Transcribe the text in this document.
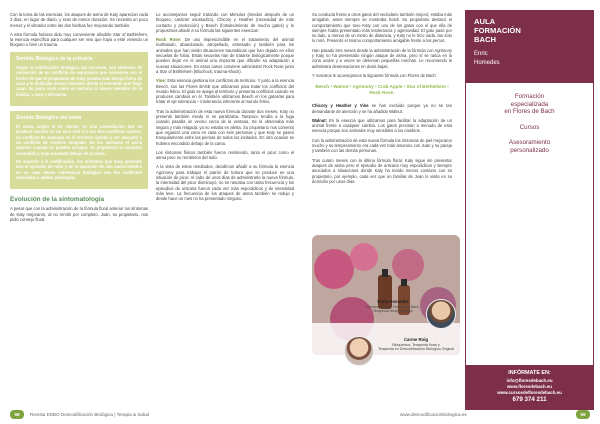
Con la toma de las esencias, los ataques de asma de Katy aparecían cada 3 días, en lugar de diario, y eran de menor duración. Se necesita un poco menos y el vibrador entre las dos hierbas fue mejorando también.

A esta fórmula hubiera dido muy conveniente añadirle Star of Bethlehem, la esencia específica para cualquier ser vivo que haya o esté viviendo un bloqueo o bien un trauma.

Sentido Biológico de la urticaria

Según la codificación biológica, las eccemas, son síntomas de resolución de un conflicto de separación que concierne con el hecho de que el propietario de Katy pasaba más tiempo fuera de casa y le dedicaba menos atención desde el momento que llegó Juan. Su perra vivió como un rechazo al nuevo miembro de la familia, y cura y afirmarse.

Sentido Biológico del asma

El asma, según el Dr. Hamer, es una constelación que se produce cuando un ser vivo vive a la vez dos conflictos activos, un conflicto de amenaza en el territorio (miedo a ser atacado) y un conflicto de sentirse atrapado. En los animales el asma aparece cuando no pueden escapar. Su propietario la encontró escondida y muy asustada debajo de la cama.

De acuerdo a la codificación, los síntomas que Katy presentó tras el episodio de robo y de la aparición de una nueva hembra en su casa tienen coherencia biológica con los conflictos asociados a ambas patologías.

Evolución de la sintomatología

A pesar que con la administración de la fórmula floral anterior los síntomas de Katy mejoraron, al no remitir por completo, Juan, su propietario, nos pidió consejo floral.

Le aconsejamos seguir tratando con Mimulus (miedos después de un bloqueo, carácter asustadizo), Chicory y Heather (necesidad de más contacto y protección) y Beech (fortalecimiento de mucho gatos) y le propusimos añadir a su fórmula las siguientes esencias:

Rock Rose: De uso imprescindible en el tratamiento del animal maltratado, abandonado, atropellado, estresado y también para los animales que han vivido situaciones traumáticas que han dejado en ellos secuelas de fobia. Estas secuelas han de tratarse biológicamente porque pueden dejar en el animal una impronta que dificulte su adaptación a nuevas situaciones. En estos casos conviene administrar Rock Rose junto a Star of Bethlehem (Blochock, trauma-shock).

Vine: Esta esencia gestiona los conflictos de territorio. Y junto a la esencia Beech, son las Flores BASE que utilizamos para tratar los conflictos del mundo felino. El gato se apega al territorio y presenta conflictos cuando se producen cambios en él. También utilizamos Beech en los gatos/as para tratar el eje tolerancia – intolerancia inherente al mundo felino.

Tras la administración de esta nueva fórmula durante dos meses, Katy no presentó también miedo ni se paralizaba. Tampoco tendía a la fuga cuando pasaba un vecino cerca de la ventana. Se la observaba más segura y más relajada; ya no estaba en alerta. Su propietario nos comentó que organizó una cena en casa con seis personas y que Katy se paseó tranquilamente entre las piernas de todos los invitados. En otra ocasión se hubiera escondido debajo de la cama.

Los síntomas físicos también fueron remitiendo, tanto el picor como el asma pero no remitieron del todo.

A la vista de estos resultados, decidimos añadir a su fórmula la esencia Agrimony para trabajar el patrón de tortura que se produce en una situación de picor. Al cabo de unos días de administrarle la nueva fórmula, la intensidad del picor disminuyó, no se rascaba con tanta frecuencia y los episodios de urticaria fueron cada vez más esporádicos y de intensidad más leve. La frecuencia de los ataques de asma también se redujo y desde hace un mes no ha presentado ninguno.

Su conducta frente a otros gatos del vecindario también mejoró; estaba más amigable, antes siempre se mostraba hostil. Su propietario destacó el comportamiento que tuvo Katy con uno de los gatos con el que ella de siempre había presentado más intolerancia y agresividad. El gato pasó por su lado, a menos de un metro de distancia, y Katy no le hizo nada, tan sólo lo miró. Presentó el mismo comportamiento amigable frente a los perros.

Han pasado tres meses desde la administración de la fórmula con Agrimony y Katy no ha presentado ningún ataque de asma, pero sí se rasca en la zona ocular y a veces se observan pequeñas ronchas. Le recomiendo le administra desensaciones en dosis bajas.

Y nosotros le aconsejamos la siguiente fórmula con Flores de Bach:

Beech • Walnut • Agrimony • Crab Apple • Star of Bethlehem • Rock Rose.

Chicory y Heather y Vine se han excluido porque ya no se tan demandante de atención y se ha añadido Walnut.

Walnut: Es la esencia que utilizamos para facilitar la adaptación de un animal frente a cualquier cambio. Los gatos precisan a menudo de esta esencia porque son animales muy sensibles a los cambios.

Con la administración de esta nueva fórmula los síntomas de piel mejoraron mucho y su temperamento era cada vez más amoroso con Juan y su pareja y también con las demás personas.

Tras cuatro meses con la última fórmula floral, Katy sigue sin presentar ataques de asma pero el episodio de urticaria muy esporádicos y siempre asociados a situaciones donde Katy ha tenido menos contacto con su propietario, por ejemplo, cada vez que un familiar de Juan lo visita en su domicilio por unos días.

Enric Homedes
Director de Aula Formación Bach,
Terapeuta floral y escritor
Carme Roig
Bióquímica, Terapeuta floral y
Terapeuta en Descodificación Biológica Original
AULA
FORMACIÓN
BACH
Enric
Homedes
Formación
especializada
en Flores de Bach
Cursos
Asesoramiento
personalizado
INFÓRMATE EN:
info@floresdebach.eu
www.floresdebach.eu
www.cursosdefloresdebach.eu
679 374 211
58	Revista EDBO Descodificación Biológica | Terapia & Salud	www.descodificacionbiologica.es	59
